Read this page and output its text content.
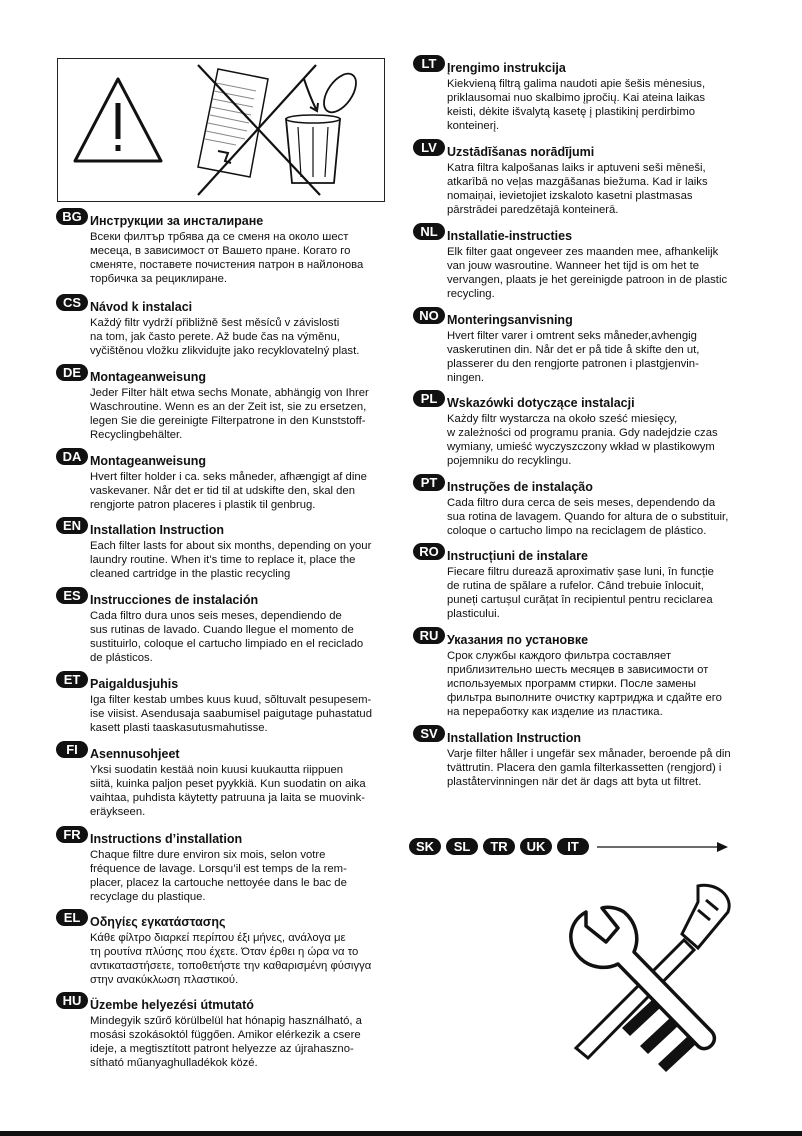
BG Инструкции за инсталиране
Всеки филтър трбява да се сменя на около шест
месеца, в зависимост от Вашето пране. Когато го
сменяте, поставете почистения патрон в найлонова
торбичка за рециклиране.
CS Návod k instalaci
Každý filtr vydrží přibližně šest měsíců v závislosti
na tom, jak často perete. Až bude čas na výměnu,
vyčištěnou vložku zlikvidujte jako recyklovatelný plast.
DE Montageanweisung
Jeder Filter hält etwa sechs Monate, abhängig von Ihrer
Waschroutine. Wenn es an der Zeit ist, sie zu ersetzen,
legen Sie die gereinigte Filterpatrone in den Kunststoff-
Recyclingbehälter.
DA Montageanweisung
Hvert filter holder i ca. seks måneder, afhængigt af dine
vaskevaner. Når det er tid til at udskifte den, skal den
rengjorte patron placeres i plastik til genbrug.
EN Installation Instruction
Each filter lasts for about six months, depending on your
laundry routine. When it’s time to replace it, place the
cleaned cartridge in the plastic recycling
ES Instrucciones de instalación
Cada filtro dura unos seis meses, dependiendo de
sus rutinas de lavado. Cuando llegue el momento de
sustituirlo, coloque el cartucho limpiado en el reciclado
de plásticos.
ET Paigaldusjuhis
Iga filter kestab umbes kuus kuud, sõltuvalt pesupesem-
ise viisist. Asendusaja saabumisel paigutage puhastatud
kasett plasti taaskasutusmahutisse.
FI Asennusohjeet
Yksi suodatin kestää noin kuusi kuukautta riippuen
siitä, kuinka paljon peset pyykkiä. Kun suodatin on aika
vaihtaa, puhdista käytetty patruuna ja laita se muovink-
eräykseen.
FR Instructions d’installation
Chaque filtre dure environ six mois, selon votre
fréquence de lavage. Lorsqu’il est temps de la rem-
placer, placez la cartouche nettoyée dans le bac de
recyclage du plastique.
EL Οδηγίες εγκατάστασης
Κάθε φίλτρο διαρκεί περίπου έξι μήνες, ανάλογα με
τη ρουτίνα πλύσης που έχετε. Όταν έρθει η ώρα να το
αντικαταστήσετε, τοποθετήστε την καθαρισμένη φύσιγγα
στην ανακύκλωση πλαστικού.
HU Üzembe helyezési útmutató
Mindegyik szűrő körülbelül hat hónapig használható, a
mosási szokásoktól függően. Amikor elérkezik a csere
ideje, a megtisztított patront helyezze az újrahaszno-
sítható műanyaghulladékok közé.
LT Įrengimo instrukcija
Kiekvieną filtrą galima naudoti apie šešis mėnesius,
priklausomai nuo skalbimo įpročių. Kai ateina laikas
keisti, dėkite išvalytą kasetę į plastikinį perdirbimo
konteinerį.
LV Uzstādīšanas norādījumi
Katra filtra kalpošanas laiks ir aptuveni seši mēneši,
atkarībā no veļas mazgāšanas biežuma. Kad ir laiks
nomaiņai, ievietojiet izskaloto kasetni plastmasas
pārstrādei paredzētajā konteinerā.
NL Installatie-instructies
Elk filter gaat ongeveer zes maanden mee, afhankelijk
van jouw wasroutine. Wanneer het tijd is om het te
vervangen, plaats je het gereinigde patroon in de plastic
recycling.
NO Monteringsanvisning
Hvert filter varer i omtrent seks måneder,avhengig
vaskerutinen din. Når det er på tide å skifte den ut,
plasserer du den rengjorte patronen i plastgjenvin-
ningen.
PL Wskazówki dotyczące instalacji
Każdy filtr wystarcza na około sześć miesięcy,
w zależności od programu prania. Gdy nadejdzie czas
wymiany, umieść wyczyszczony wkład w plastikowym
pojemniku do recyklingu.
PT Instruções de instalação
Cada filtro dura cerca de seis meses, dependendo da
sua rotina de lavagem. Quando for altura de o substituir,
coloque o cartucho limpo na reciclagem de plástico.
RO Instrucțiuni de instalare
Fiecare filtru durează aproximativ șase luni, în funcție
de rutina de spălare a rufelor. Când trebuie înlocuit,
puneți cartușul curățat în recipientul pentru reciclarea
plasticului.
RU Указания по установке
Срок службы каждого фильтра составляет
приблизительно шесть месяцев в зависимости от
используемых программ стирки. После замены
фильтра выполните очистку картриджа и сдайте его
на переработку как изделие из пластика.
SV Installation Instruction
Varje filter håller i ungefär sex månader, beroende på din
tvättrutin. Placera den gamla filterkassetten (rengjord) i
plaståtervinningen när det är dags att byta ut filtret.
SK	SL	TR	UK	IT
